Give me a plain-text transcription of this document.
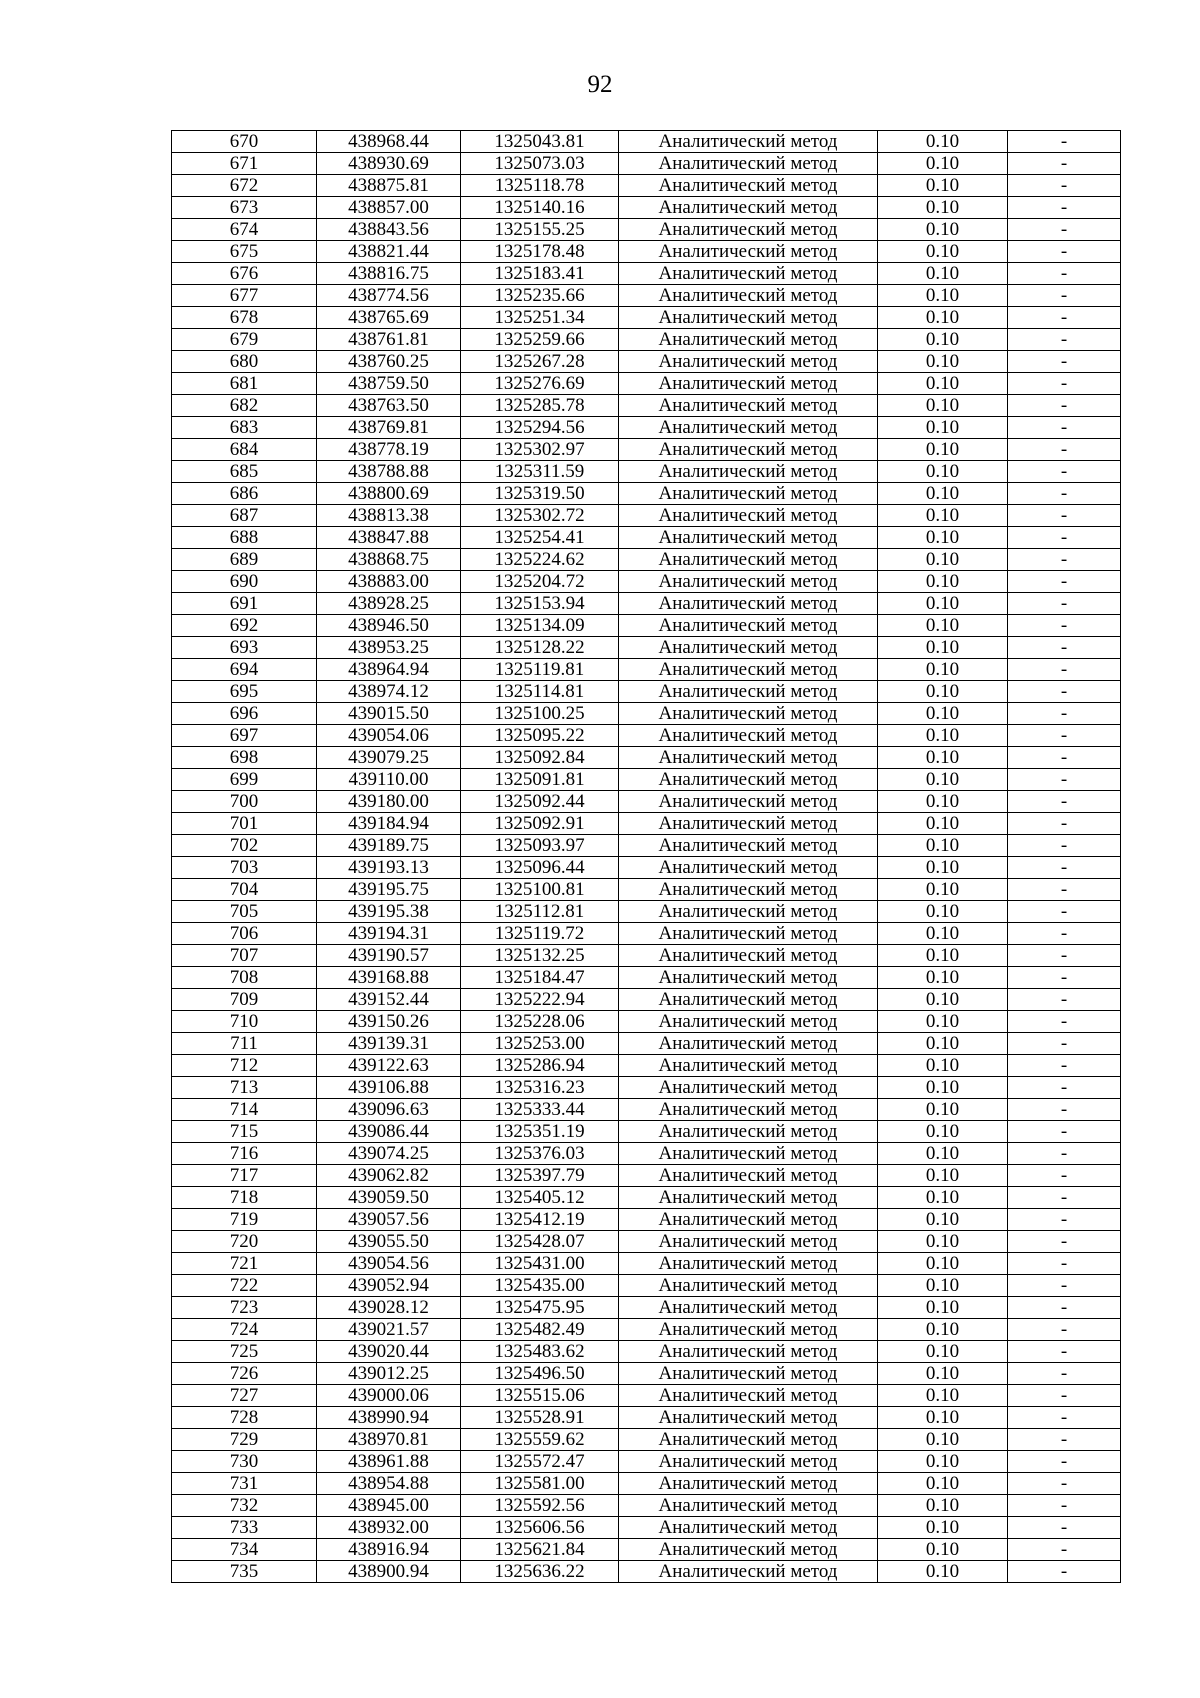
92
670	438968.44	1325043.81	Аналитический метод	0.10	-
671	438930.69	1325073.03	Аналитический метод	0.10	-
672	438875.81	1325118.78	Аналитический метод	0.10	-
673	438857.00	1325140.16	Аналитический метод	0.10	-
674	438843.56	1325155.25	Аналитический метод	0.10	-
675	438821.44	1325178.48	Аналитический метод	0.10	-
676	438816.75	1325183.41	Аналитический метод	0.10	-
677	438774.56	1325235.66	Аналитический метод	0.10	-
678	438765.69	1325251.34	Аналитический метод	0.10	-
679	438761.81	1325259.66	Аналитический метод	0.10	-
680	438760.25	1325267.28	Аналитический метод	0.10	-
681	438759.50	1325276.69	Аналитический метод	0.10	-
682	438763.50	1325285.78	Аналитический метод	0.10	-
683	438769.81	1325294.56	Аналитический метод	0.10	-
684	438778.19	1325302.97	Аналитический метод	0.10	-
685	438788.88	1325311.59	Аналитический метод	0.10	-
686	438800.69	1325319.50	Аналитический метод	0.10	-
687	438813.38	1325302.72	Аналитический метод	0.10	-
688	438847.88	1325254.41	Аналитический метод	0.10	-
689	438868.75	1325224.62	Аналитический метод	0.10	-
690	438883.00	1325204.72	Аналитический метод	0.10	-
691	438928.25	1325153.94	Аналитический метод	0.10	-
692	438946.50	1325134.09	Аналитический метод	0.10	-
693	438953.25	1325128.22	Аналитический метод	0.10	-
694	438964.94	1325119.81	Аналитический метод	0.10	-
695	438974.12	1325114.81	Аналитический метод	0.10	-
696	439015.50	1325100.25	Аналитический метод	0.10	-
697	439054.06	1325095.22	Аналитический метод	0.10	-
698	439079.25	1325092.84	Аналитический метод	0.10	-
699	439110.00	1325091.81	Аналитический метод	0.10	-
700	439180.00	1325092.44	Аналитический метод	0.10	-
701	439184.94	1325092.91	Аналитический метод	0.10	-
702	439189.75	1325093.97	Аналитический метод	0.10	-
703	439193.13	1325096.44	Аналитический метод	0.10	-
704	439195.75	1325100.81	Аналитический метод	0.10	-
705	439195.38	1325112.81	Аналитический метод	0.10	-
706	439194.31	1325119.72	Аналитический метод	0.10	-
707	439190.57	1325132.25	Аналитический метод	0.10	-
708	439168.88	1325184.47	Аналитический метод	0.10	-
709	439152.44	1325222.94	Аналитический метод	0.10	-
710	439150.26	1325228.06	Аналитический метод	0.10	-
711	439139.31	1325253.00	Аналитический метод	0.10	-
712	439122.63	1325286.94	Аналитический метод	0.10	-
713	439106.88	1325316.23	Аналитический метод	0.10	-
714	439096.63	1325333.44	Аналитический метод	0.10	-
715	439086.44	1325351.19	Аналитический метод	0.10	-
716	439074.25	1325376.03	Аналитический метод	0.10	-
717	439062.82	1325397.79	Аналитический метод	0.10	-
718	439059.50	1325405.12	Аналитический метод	0.10	-
719	439057.56	1325412.19	Аналитический метод	0.10	-
720	439055.50	1325428.07	Аналитический метод	0.10	-
721	439054.56	1325431.00	Аналитический метод	0.10	-
722	439052.94	1325435.00	Аналитический метод	0.10	-
723	439028.12	1325475.95	Аналитический метод	0.10	-
724	439021.57	1325482.49	Аналитический метод	0.10	-
725	439020.44	1325483.62	Аналитический метод	0.10	-
726	439012.25	1325496.50	Аналитический метод	0.10	-
727	439000.06	1325515.06	Аналитический метод	0.10	-
728	438990.94	1325528.91	Аналитический метод	0.10	-
729	438970.81	1325559.62	Аналитический метод	0.10	-
730	438961.88	1325572.47	Аналитический метод	0.10	-
731	438954.88	1325581.00	Аналитический метод	0.10	-
732	438945.00	1325592.56	Аналитический метод	0.10	-
733	438932.00	1325606.56	Аналитический метод	0.10	-
734	438916.94	1325621.84	Аналитический метод	0.10	-
735	438900.94	1325636.22	Аналитический метод	0.10	-
